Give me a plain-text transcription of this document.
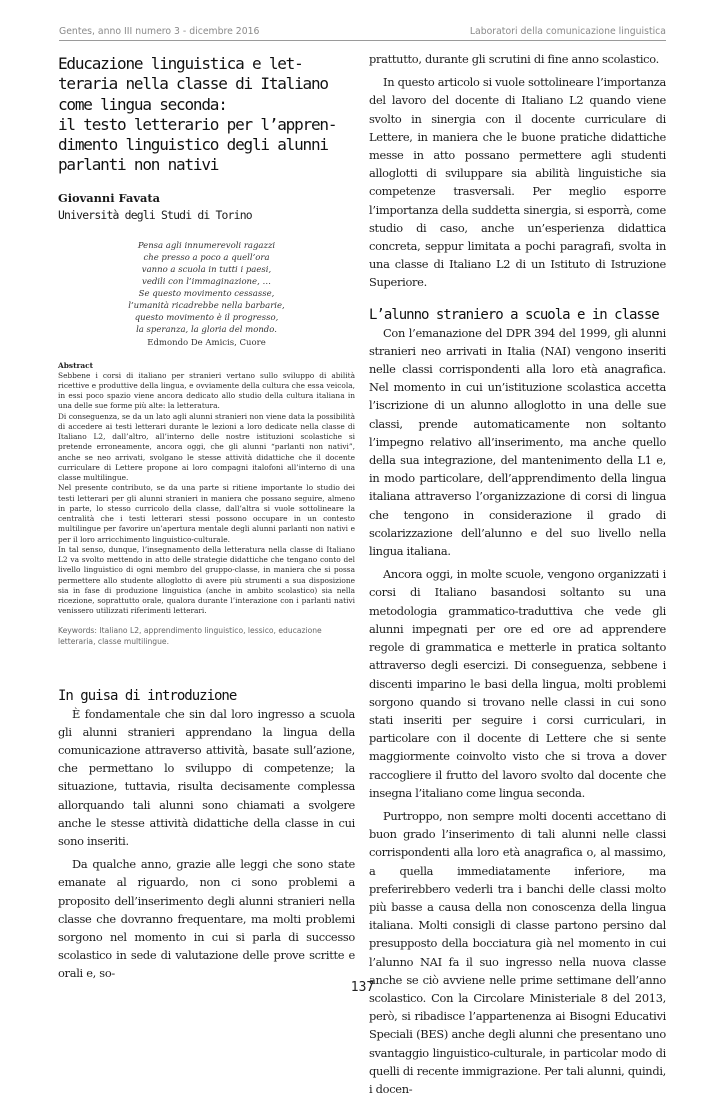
Gentes, anno III numero 3 - dicembre 2016	Laboratori della comunicazione linguistica
Educazione linguistica e let-
teraria nella classe di Italiano
come lingua seconda:
il testo letterario per l’appren-
dimento linguistico degli alunni
parlanti non nativi
Giovanni Favata
Università degli Studi di Torino
Pensa agli innumerevoli ragazzi
che presso a poco a quell’ora
vanno a scuola in tutti i paesi,
vedili con l’immaginazione, …
Se questo movimento cessasse,
l’umanità ricadrebbe nella barbarie,
questo movimento è il progresso,
la speranza, la gloria del mondo.
Edmondo De Amicis, Cuore
Abstract

Sebbene i corsi di italiano per stranieri vertano sullo sviluppo di abilità ricettive e produttive della lingua, e ovviamente della cultura che essa veicola, in essi poco spazio viene ancora dedicato allo studio della cultura italiana in una delle sue forme più alte: la letteratura.

Di conseguenza, se da un lato agli alunni stranieri non viene data la possibilità di accedere ai testi letterari durante le lezioni a loro dedicate nella classe di Italiano L2, dall’altro, all’interno delle nostre istituzioni scolastiche si pretende erroneamente, ancora oggi, che gli alunni “parlanti non nativi”, anche se neo arrivati, svolgano le stesse attività didattiche che il docente curriculare di Lettere propone ai loro compagni italofoni all’interno di una classe multilingue.

Nel presente contributo, se da una parte si ritiene importante lo studio dei testi letterari per gli alunni stranieri in maniera che possano seguire, almeno in parte, lo stesso curricolo della classe, dall’altra si vuole sottolineare la centralità che i testi letterari stessi possono occupare in un contesto multilingue per favorire un’apertura mentale degli alunni parlanti non nativi e per il loro arricchimento linguistico-culturale.

In tal senso, dunque, l’insegnamento della letteratura nella classe di Italiano L2 va svolto mettendo in atto delle strategie didattiche che tengano conto del livello linguistico di ogni membro del gruppo-classe, in maniera che si possa permettere allo studente alloglotto di avere più strumenti a sua disposizione sia in fase di produzione linguistica (anche in ambito scolastico) sia nella ricezione, soprattutto orale, qualora durante l’interazione con i parlanti nativi venissero utilizzati riferimenti letterari.

Keywords: Italiano L2, apprendimento linguistico, lessico, educazione letteraria, classe multilingue.
In guisa di introduzione

È fondamentale che sin dal loro ingresso a scuola gli alunni stranieri apprendano la lingua della comunicazione attraverso attività, basate sull’azione, che permettano lo sviluppo di competenze; la situazione, tuttavia, risulta decisamente complessa allorquando tali alunni sono chiamati a svolgere anche le stesse attività didattiche della classe in cui sono inseriti.

Da qualche anno, grazie alle leggi che sono state emanate al riguardo, non ci sono problemi a proposito dell’inserimento degli alunni stranieri nella classe che dovranno frequentare, ma molti problemi sorgono nel momento in cui si parla di successo scolastico in sede di valutazione delle prove scritte e orali e, so-

prattutto, durante gli scrutini di fine anno scolastico.

In questo articolo si vuole sottolineare l’importanza del lavoro del docente di Italiano L2 quando viene svolto in sinergia con il docente curriculare di Lettere, in maniera che le buone pratiche didattiche messe in atto possano permettere agli studenti alloglotti di sviluppare sia abilità linguistiche sia competenze trasversali. Per meglio esporre l’importanza della suddetta sinergia, si esporrà, come studio di caso, anche un’esperienza didattica concreta, seppur limitata a pochi paragrafi, svolta in una classe di Italiano L2 di un Istituto di Istruzione Superiore.

L’alunno straniero a scuola e in classe

Con l’emanazione del DPR 394 del 1999, gli alunni stranieri neo arrivati in Italia (NAI) vengono inseriti nelle classi corrispondenti alla loro età anagrafica. Nel momento in cui un’istituzione scolastica accetta l’iscrizione di un alunno alloglotto in una delle sue classi, prende automaticamente non soltanto l’impegno relativo all’inserimento, ma anche quello della sua integrazione, del mantenimento della L1 e, in modo particolare, dell’apprendimento della lingua italiana attraverso l’organizzazione di corsi di lingua che tengono in considerazione il grado di scolarizzazione dell’alunno e del suo livello nella lingua italiana.

Ancora oggi, in molte scuole, vengono organizzati i corsi di Italiano basandosi soltanto su una metodologia grammatico-traduttiva che vede gli alunni impegnati per ore ed ore ad apprendere regole di grammatica e metterle in pratica soltanto attraverso degli esercizi. Di conseguenza, sebbene i discenti imparino le basi della lingua, molti problemi sorgono quando si trovano nelle classi in cui sono stati inseriti per seguire i corsi curriculari, in particolare con il docente di Lettere che si sente maggiormente coinvolto visto che si trova a dover raccogliere il frutto del lavoro svolto dal docente che insegna l’italiano come lingua seconda.

Purtroppo, non sempre molti docenti accettano di buon grado l’inserimento di tali alunni nelle classi corrispondenti alla loro età anagrafica o, al massimo, a quella immediatamente inferiore, ma preferirebbero vederli tra i banchi delle classi molto più basse a causa della non conoscenza della lingua italiana. Molti consigli di classe partono persino dal presupposto della bocciatura già nel momento in cui l’alunno NAI fa il suo ingresso nella nuova classe anche se ciò avviene nelle prime settimane dell’anno scolastico. Con la Circolare Ministeriale 8 del 2013, però, si ribadisce l’appartenenza ai Bisogni Educativi Speciali (BES) anche degli alunni che presentano uno svantaggio linguistico-culturale, in particolar modo di quelli di recente immigrazione. Per tali alunni, quindi, i docen-

137
